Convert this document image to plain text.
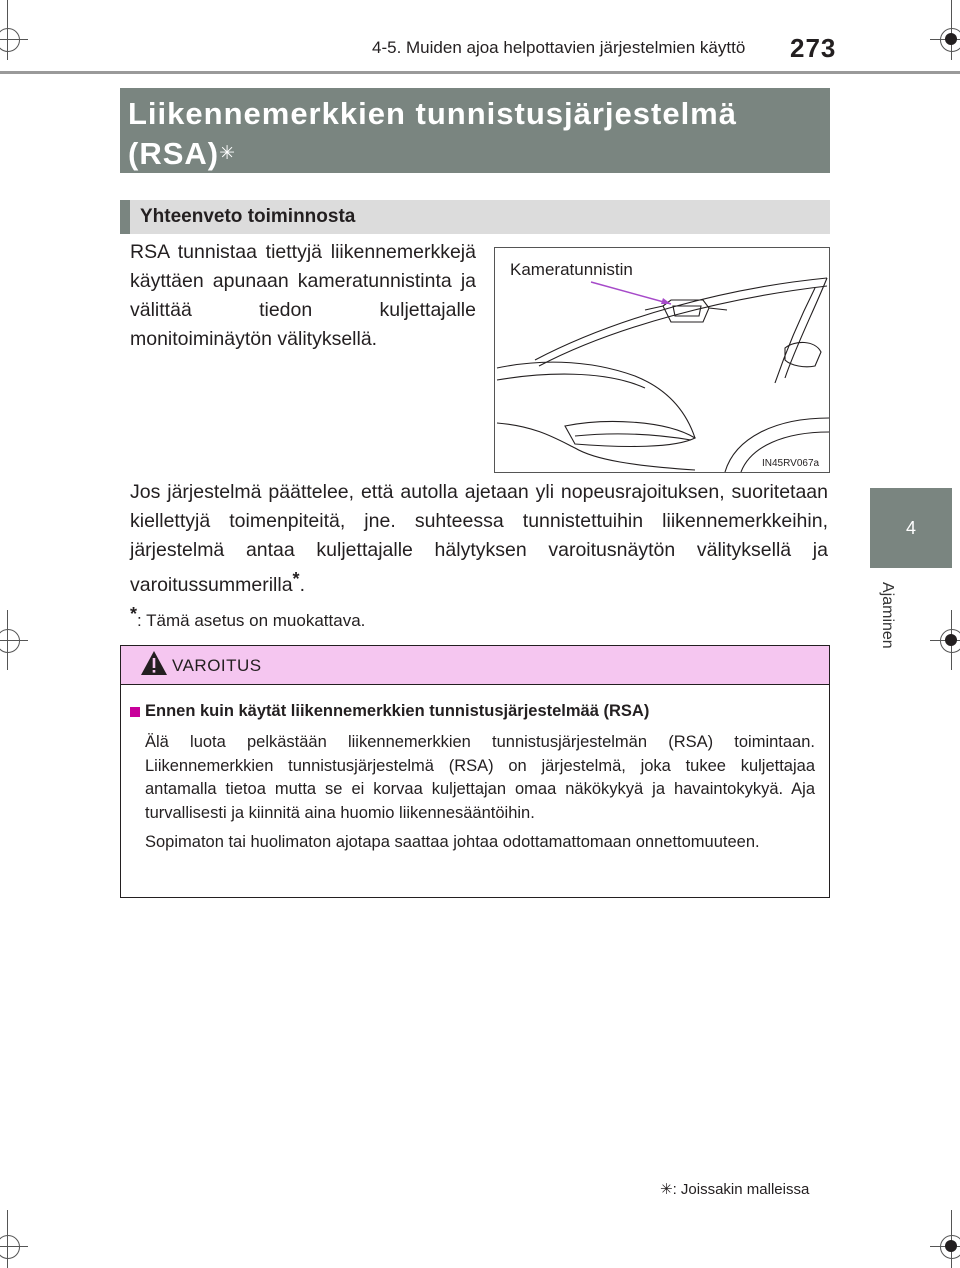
4-5. Muiden ajoa helpottavien järjestelmien käyttö 273
4
Ajaminen
Liikennemerkkien tunnistusjärjestelmä
(RSA)✳
Yhteenveto toiminnosta
RSA tunnistaa tiettyjä liikennemerkkejä käyttäen apunaan kameratunnistinta ja välittää tiedon kuljettajalle monitoiminäytön välityksellä.
Kameratunnistin
IN45RV067a
Jos järjestelmä päättelee, että autolla ajetaan yli nopeusrajoituksen, suoritetaan kiellettyjä toimenpiteitä, jne. suhteessa tunnistettuihin liikennemerkkeihin, järjestelmä antaa kuljettajalle hälytyksen varoitusnäytön välityksellä ja varoitussummerilla*.
*: Tämä asetus on muokattava.
VAROITUS
Ennen kuin käytät liikennemerkkien tunnistusjärjestelmää (RSA)
Älä luota pelkästään liikennemerkkien tunnistusjärjestelmän (RSA) toimintaan. Liikennemerkkien tunnistusjärjestelmä (RSA) on järjestelmä, joka tukee kuljettajaa antamalla tietoa mutta se ei korvaa kuljettajan omaa näkökykyä ja havaintokykyä. Aja turvallisesti ja kiinnitä aina huomio liikennesääntöihin.
Sopimaton tai huolimaton ajotapa saattaa johtaa odottamattomaan onnettomuuteen.
✳: Joissakin malleissa
